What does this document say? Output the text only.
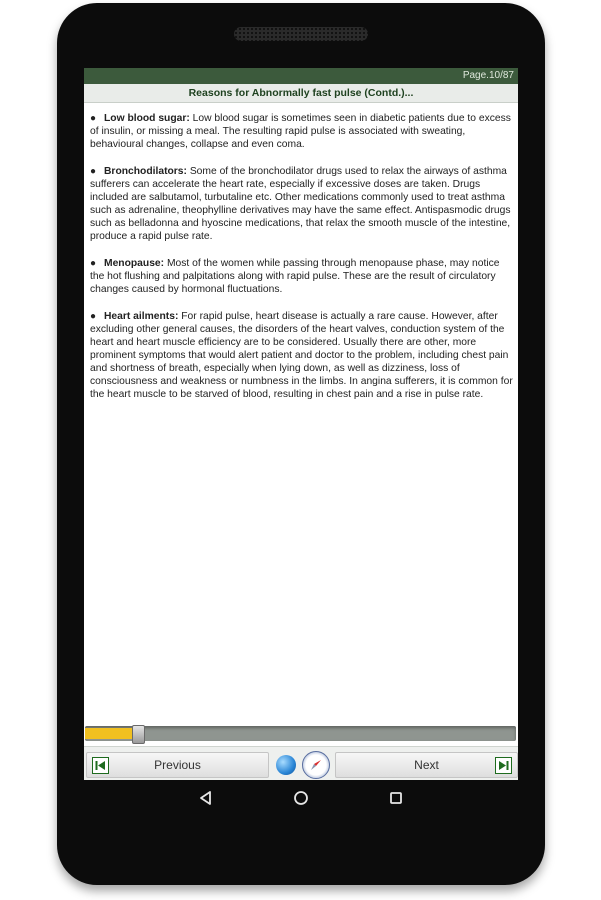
Page.10/87
Reasons for Abnormally fast pulse (Contd.)...

● Low blood sugar: Low blood sugar is sometimes seen in diabetic patients due to excess of insulin, or missing a meal. The resulting rapid pulse is associated with sweating, behavioural changes, collapse and even coma.

● Bronchodilators: Some of the bronchodilator drugs used to relax the airways of asthma sufferers can accelerate the heart rate, especially if excessive doses are taken. Drugs included are salbutamol, turbutaline etc. Other medications commonly used to treat asthma such as adrenaline, theophylline derivatives may have the same effect. Antispasmodic drugs such as belladonna and hyoscine medications, that relax the smooth muscle of the intestine, produce a rapid pulse rate.

● Menopause: Most of the women while passing through menopause phase, may notice the hot flushing and palpitations along with rapid pulse. These are the result of circulatory changes caused by hormonal fluctuations.

● Heart ailments: For rapid pulse, heart disease is actually a rare cause. However, after excluding other general causes, the disorders of the heart valves, conduction system of the heart and heart muscle efficiency are to be considered. Usually there are other, more prominent symptoms that would alert patient and doctor to the problem, including chest pain and shortness of breath, especially when lying down, as well as dizziness, loss of consciousness and weakness or numbness in the limbs. In angina sufferers, it is common for the heart muscle to be starved of blood, resulting in chest pain and a rise in pulse rate.

Previous	Next
